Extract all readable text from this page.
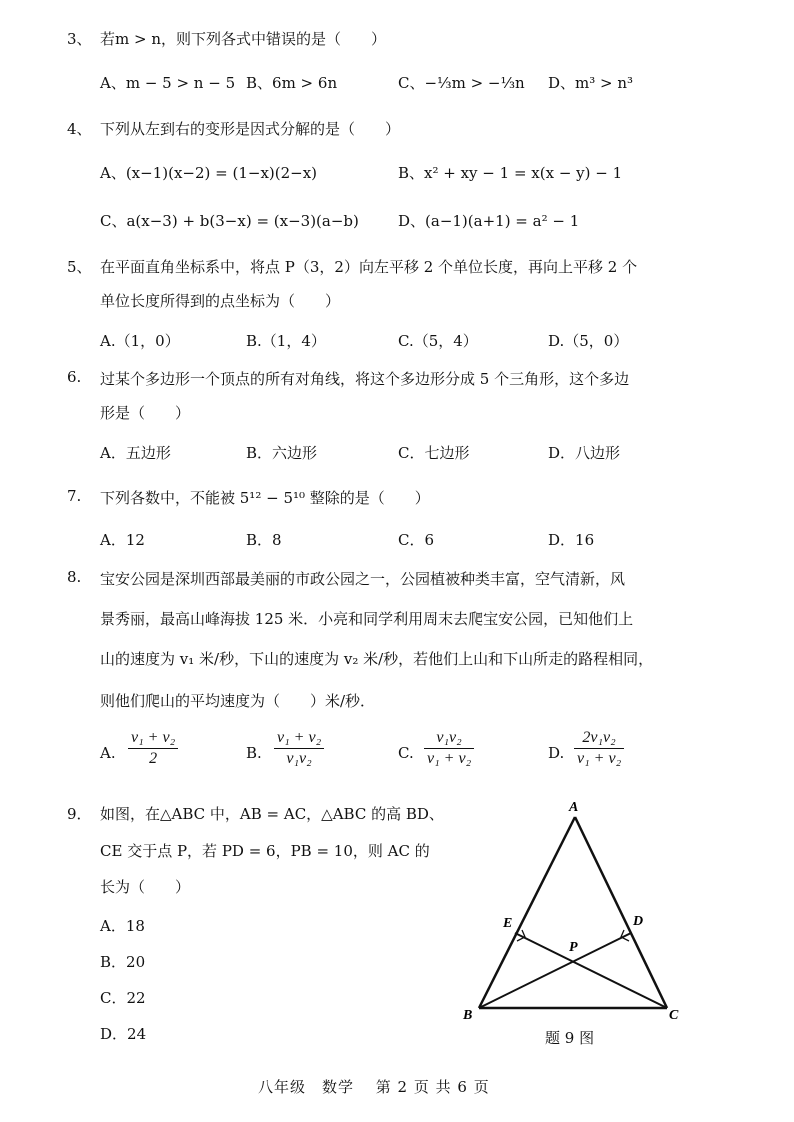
3、 若m > n，则下列各式中错误的是（　　）
A、m − 5 > n − 5 B、6m > 6n	C、−⅓m > −⅓n D、m³ > n³
4、 下列从左到右的变形是因式分解的是（　　）
A、(x−1)(x−2) = (1−x)(2−x)	B、x² + xy − 1 = x(x − y) − 1
C、a(x−3) + b(3−x) = (x−3)(a−b)	D、(a−1)(a+1) = a² − 1
5、 在平面直角坐标系中，将点 P（3，2）向左平移 2 个单位长度，再向上平移 2 个
单位长度所得到的点坐标为（　　）
A.（1，0）	B.（1，4）	C.（5，4）	D.（5，0）
6. 过某个多边形一个顶点的所有对角线，将这个多边形分成 5 个三角形，这个多边
形是（　　）
A．五边形	B．六边形	C．七边形	D．八边形
7. 下列各数中，不能被 5¹² − 5¹⁰ 整除的是（　　）
A．12	B．8	C．6	D．16
8. 宝安公园是深圳西部最美丽的市政公园之一，公园植被种类丰富，空气清新，风
景秀丽，最高山峰海拔 125 米．小亮和同学利用周末去爬宝安公园，已知他们上
山的速度为 v₁ 米/秒，下山的速度为 v₂ 米/秒，若他们上山和下山所走的路程相同，
则他们爬山的平均速度为（　　）米/秒．
A. $\frac{\text{v₁ + v₂}}{2}$	B. $\frac{\text{v₁ + v₂}}{\text{v₁v₂}}$	C. $\frac{\text{v₁v₂}}{\text{v₁ + v₂}}$	D. $\frac{\text{2v₁v₂}}{\text{v₁ + v₂}}$
9． 如图，在△ABC 中，AB = AC，△ABC 的高 BD、
CE 交于点 P，若 PD = 6，PB = 10，则 AC 的
长为（　　）
A．18
B．20
C．22
D．24
A
E	D
P
B	C
题 9 图
八年级　数学　 第 2 页 共 6 页
